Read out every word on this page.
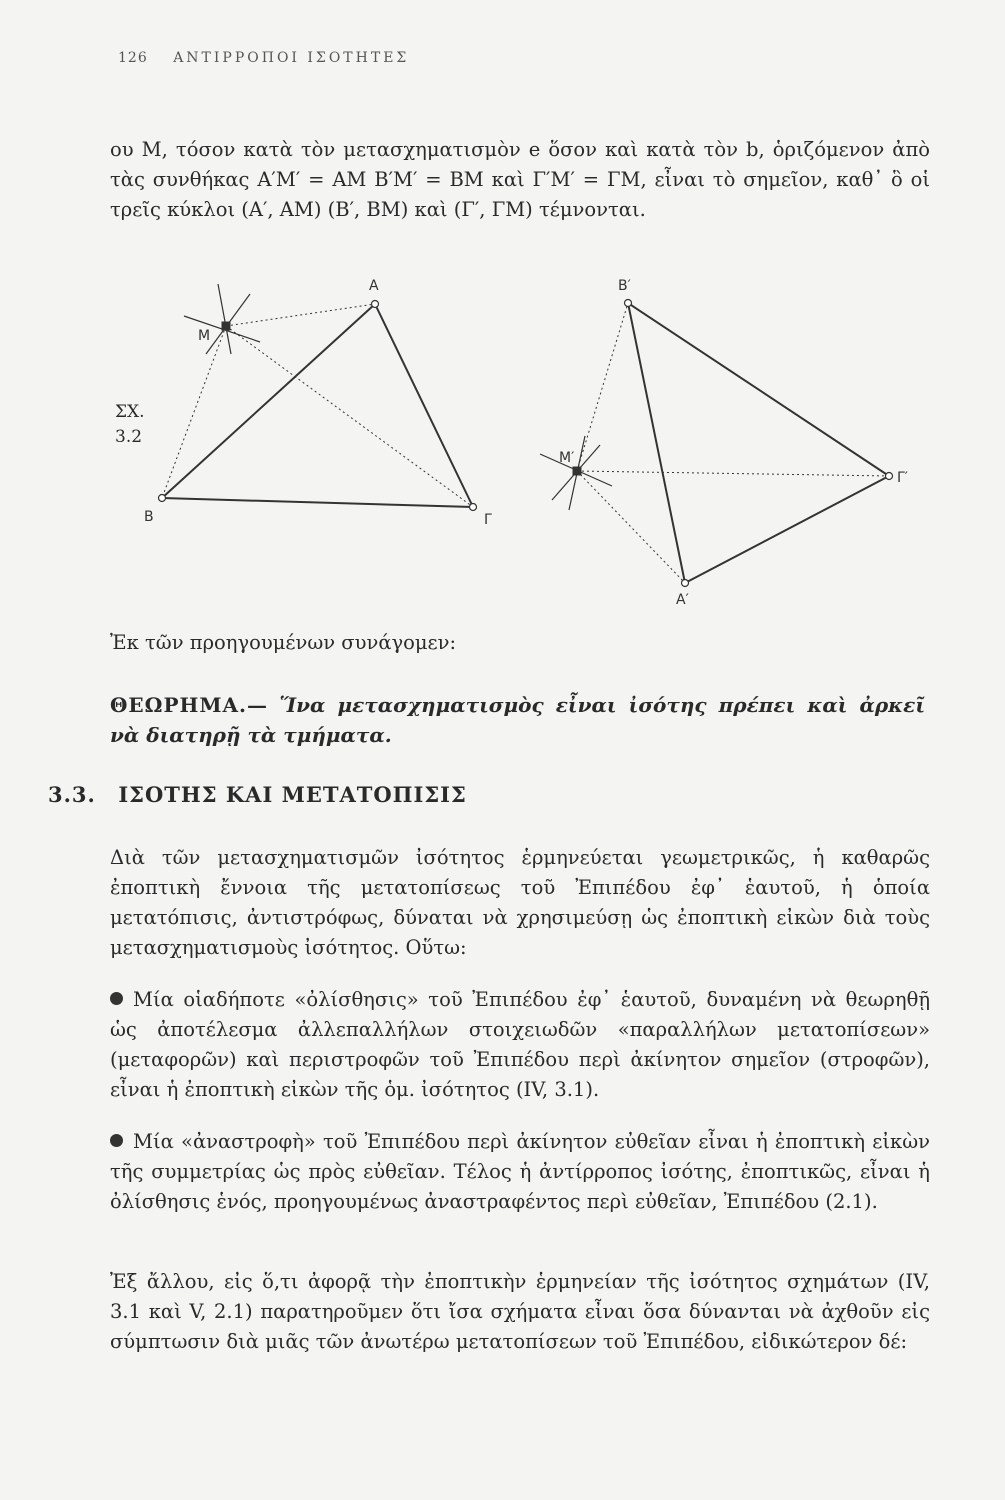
126 ΑΝΤΙΡΡΟΠΟΙ ΙΣΟΤΗΤΕΣ
ου Μ, τόσον κατὰ τὸν μετασχηματισμὸν e ὅσον καὶ κατὰ τὸν b, ὁριζόμενον ἀπὸ τὰς συνθήκας Α′Μ′ = ΑΜ Β′Μ′ = ΒΜ καὶ Γ′Μ′ = ΓΜ, εἶναι τὸ σημεῖον, καθ᾽ ὃ οἱ τρεῖς κύκλοι (Α′, ΑΜ) (Β′, ΒΜ) καὶ (Γ′, ΓΜ) τέμνονται.
Α
Β	Γ
Μ
Β′
Α′
Γ′
Μ′
ΣΧ.
3.2
Ἐκ τῶν προηγουμένων συνάγομεν:
ΘΕΩΡΗΜΑ.— Ἵνα μετασχηματισμὸς εἶναι ἰσότης πρέπει καὶ ἀρκεῖ νὰ διατηρῇ τὰ τμήματα.
3.3. ΙΣΟΤΗΣ ΚΑΙ ΜΕΤΑΤΟΠΙΣΙΣ
Διὰ τῶν μετασχηματισμῶν ἰσότητος ἑρμηνεύεται γεωμετρικῶς, ἡ καθαρῶς ἐποπτικὴ ἔννοια τῆς μετατοπίσεως τοῦ Ἐπιπέδου ἐφ᾽ ἑαυτοῦ, ἡ ὁποία μετατόπισις, ἀντιστρόφως, δύναται νὰ χρησιμεύσῃ ὡς ἐποπτικὴ εἰκὼν διὰ τοὺς μετασχηματισμοὺς ἰσότητος. Οὕτω:
Μία οἱαδήποτε «ὀλίσθησις» τοῦ Ἐπιπέδου ἐφ᾽ ἑαυτοῦ, δυναμένη νὰ θεωρηθῇ ὡς ἀποτέλεσμα ἀλλεπαλλήλων στοιχειωδῶν «παραλλήλων μετατοπίσεων» (μεταφορῶν) καὶ περιστροφῶν τοῦ Ἐπιπέδου περὶ ἀκίνητον σημεῖον (στροφῶν), εἶναι ἡ ἐποπτικὴ εἰκὼν τῆς ὁμ. ἰσότητος (IV, 3.1).
Μία «ἀναστροφὴ» τοῦ Ἐπιπέδου περὶ ἀκίνητον εὐθεῖαν εἶναι ἡ ἐποπτικὴ εἰκὼν τῆς συμμετρίας ὡς πρὸς εὐθεῖαν. Τέλος ἡ ἀντίρροπος ἰσότης, ἐποπτικῶς, εἶναι ἡ ὀλίσθησις ἑνός, προηγουμένως ἀναστραφέντος περὶ εὐθεῖαν, Ἐπιπέδου (2.1).
Ἐξ ἄλλου, εἰς ὅ,τι ἀφορᾷ τὴν ἐποπτικὴν ἑρμηνείαν τῆς ἰσότητος σχημάτων (IV, 3.1 καὶ V, 2.1) παρατηροῦμεν ὅτι ἴσα σχήματα εἶναι ὅσα δύνανται νὰ ἀχθοῦν εἰς σύμπτωσιν διὰ μιᾶς τῶν ἀνωτέρω μετατοπίσεων τοῦ Ἐπιπέδου, εἰδικώτερον δέ:
